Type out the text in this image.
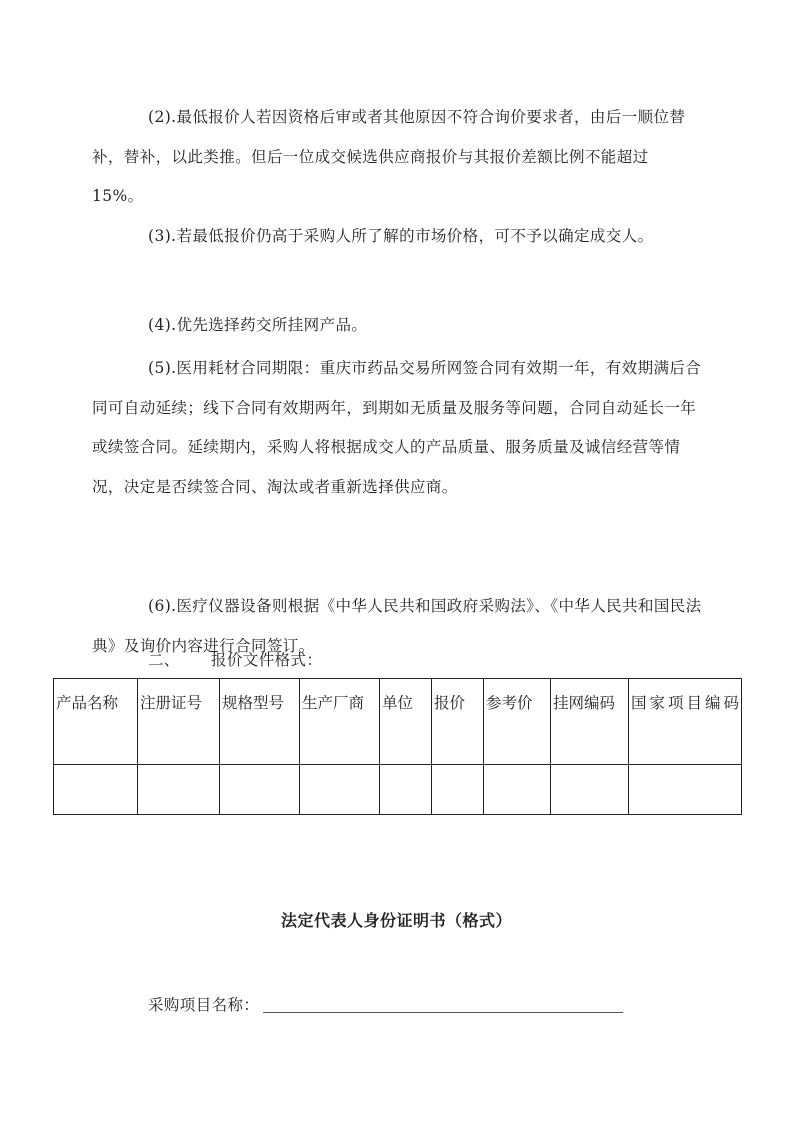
(2).最低报价人若因资格后审或者其他原因不符合询价要求者，由后一顺位替补，替补，以此类推。但后一位成交候选供应商报价与其报价差额比例不能超过 15%。

(3).若最低报价仍高于采购人所了解的市场价格，可不予以确定成交人。

(4).优先选择药交所挂网产品。

(5).医用耗材合同期限：重庆市药品交易所网签合同有效期一年，有效期满后合同可自动延续；线下合同有效期两年，到期如无质量及服务等问题，合同自动延长一年或续签合同。延续期内，采购人将根据成交人的产品质量、服务质量及诚信经营等情况，决定是否续签合同、淘汰或者重新选择供应商。

(6).医疗仪器设备则根据《中华人民共和国政府采购法》、《中华人民共和国民法典》及询价内容进行合同签订。

二、 报价文件格式：

产品名称	注册证号	规格型号	生产厂商	单位	报价	参考价	挂网编码	国家项目编码

法定代表人身份证明书（格式）

采购项目名称：
